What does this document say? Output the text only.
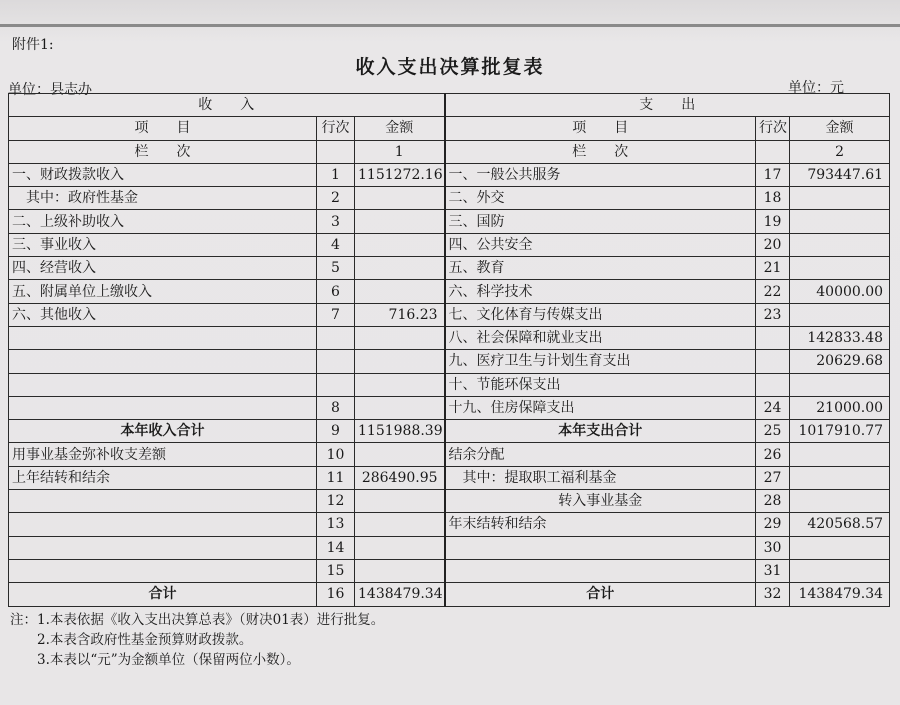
附件1:
收入支出决算批复表
单位：县志办	单位：元
收　　入			支　　出		
项　　目	行次	金额	项　　目	行次	金额
栏　　次		1	栏　　次		2
一、财政拨款收入	1	1151272.16	一、一般公共服务	17	793447.61
　其中：政府性基金	2		二、外交	18	
二、上级补助收入	3		三、国防	19	
三、事业收入	4		四、公共安全	20	
四、经营收入	5		五、教育	21	
五、附属单位上缴收入	6		六、科学技术	22	40000.00
六、其他收入	7	716.23	七、文化体育与传媒支出	23	
			八、社会保障和就业支出		142833.48
			九、医疗卫生与计划生育支出		20629.68
			十、节能环保支出		
	8		十九、住房保障支出	24	21000.00
本年收入合计	9	1151988.39	本年支出合计	25	1017910.77
用事业基金弥补收支差额	10		结余分配	26	
上年结转和结余	11	286490.95	　其中：提取职工福利基金	27	
	12		转入事业基金	28	
	13		年末结转和结余	29	420568.57
	14			30	
	15			31	
合计	16	1438479.34	合计	32	1438479.34
注：1.本表依据《收入支出决算总表》（财决01表）进行批复。
　　2.本表含政府性基金预算财政拨款。
　　3.本表以“元”为金额单位（保留两位小数）。
